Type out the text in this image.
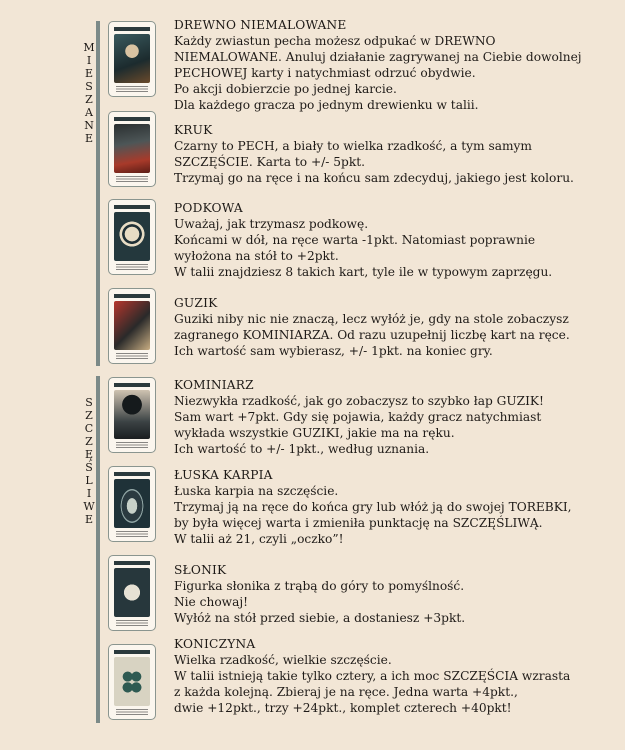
M
I
E
S
Z
A
N
E
S
Z
C
Z
Ę
Ś
L
I
W
E

DREWNO NIEMALOWANE

Każdy zwiastun pecha możesz odpukać w DREWNO

NIEMALOWANE. Anuluj działanie zagrywanej na Ciebie dowolnej

PECHOWEJ karty i natychmiast odrzuć obydwie.

Po akcji dobierzcie po jednej karcie.

Dla każdego gracza po jednym drewienku w talii.

KRUK

Czarny to PECH, a biały to wielka rzadkość, a tym samym

SZCZĘŚCIE. Karta to +/- 5pkt.

Trzymaj go na ręce i na końcu sam zdecyduj, jakiego jest koloru.

PODKOWA

Uważaj, jak trzymasz podkowę.

Końcami w dół, na ręce warta -1pkt. Natomiast poprawnie

wyłożona na stół to +2pkt.

W talii znajdziesz 8 takich kart, tyle ile w typowym zaprzęgu.

GUZIK

Guziki niby nic nie znaczą, lecz wyłóż je, gdy na stole zobaczysz

zagranego KOMINIARZA. Od razu uzupełnij liczbę kart na ręce.

Ich wartość sam wybierasz, +/- 1pkt. na koniec gry.

KOMINIARZ

Niezwykła rzadkość, jak go zobaczysz to szybko łap GUZIK!

Sam wart +7pkt. Gdy się pojawia, każdy gracz natychmiast

wykłada wszystkie GUZIKI, jakie ma na ręku.

Ich wartość to +/- 1pkt., według uznania.

ŁUSKA KARPIA

Łuska karpia na szczęście.

Trzymaj ją na ręce do końca gry lub włóż ją do swojej TOREBKI,

by była więcej warta i zmieniła punktację na SZCZĘŚLIWĄ.

W talii aż 21, czyli „oczko”!

SŁONIK

Figurka słonika z trąbą do góry to pomyślność.

Nie chowaj!

Wyłóż na stół przed siebie, a dostaniesz +3pkt.

KONICZYNA

Wielka rzadkość, wielkie szczęście.

W talii istnieją takie tylko cztery, a ich moc SZCZĘŚCIA wzrasta

z każda kolejną. Zbieraj je na ręce. Jedna warta +4pkt.,

dwie +12pkt., trzy +24pkt., komplet czterech +40pkt!
